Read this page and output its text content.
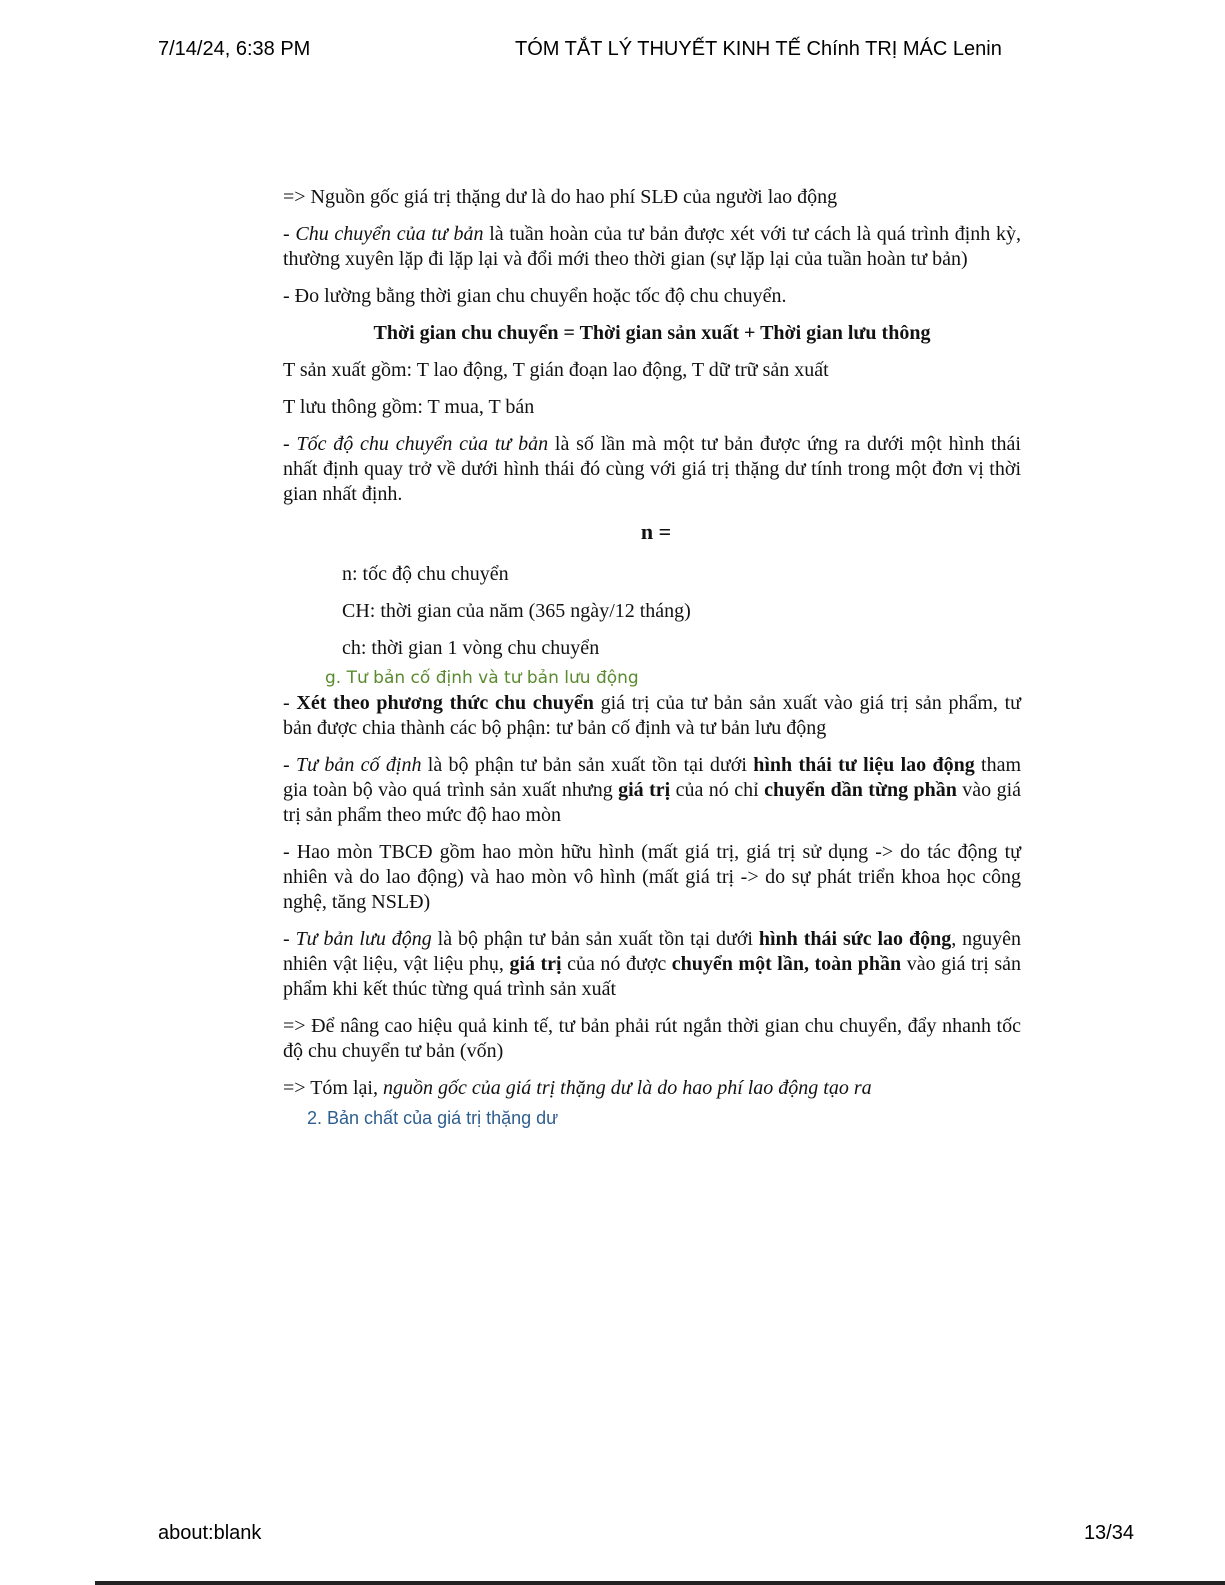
7/14/24, 6:38 PM	TÓM TẮT LÝ THUYẾT KINH TẾ Chính TRỊ MÁC Lenin

=> Nguồn gốc giá trị thặng dư là do hao phí SLĐ của người lao động

- Chu chuyển của tư bản là tuần hoàn của tư bản được xét với tư cách là quá trình định kỳ, thường xuyên lặp đi lặp lại và đổi mới theo thời gian (sự lặp lại của tuần hoàn tư bản)

- Đo lường bằng thời gian chu chuyển hoặc tốc độ chu chuyển.

Thời gian chu chuyển = Thời gian sản xuất + Thời gian lưu thông

T sản xuất gồm: T lao động, T gián đoạn lao động, T dữ trữ sản xuất

T lưu thông gồm: T mua, T bán

- Tốc độ chu chuyển của tư bản là số lần mà một tư bản được ứng ra dưới một hình thái nhất định quay trở về dưới hình thái đó cùng với giá trị thặng dư tính trong một đơn vị thời gian nhất định.

n =

n: tốc độ chu chuyển

CH: thời gian của năm (365 ngày/12 tháng)

ch: thời gian 1 vòng chu chuyển

g. Tư bản cố định và tư bản lưu động

- Xét theo phương thức chu chuyển giá trị của tư bản sản xuất vào giá trị sản phẩm, tư bản được chia thành các bộ phận: tư bản cố định và tư bản lưu động

- Tư bản cố định là bộ phận tư bản sản xuất tồn tại dưới hình thái tư liệu lao động tham gia toàn bộ vào quá trình sản xuất nhưng giá trị của nó chỉ chuyển dần từng phần vào giá trị sản phẩm theo mức độ hao mòn

- Hao mòn TBCĐ gồm hao mòn hữu hình (mất giá trị, giá trị sử dụng -> do tác động tự nhiên và do lao động) và hao mòn vô hình (mất giá trị -> do sự phát triển khoa học công nghệ, tăng NSLĐ)

- Tư bản lưu động là bộ phận tư bản sản xuất tồn tại dưới hình thái sức lao động, nguyên nhiên vật liệu, vật liệu phụ, giá trị của nó được chuyển một lần, toàn phần vào giá trị sản phẩm khi kết thúc từng quá trình sản xuất

=> Để nâng cao hiệu quả kinh tế, tư bản phải rút ngắn thời gian chu chuyển, đẩy nhanh tốc độ chu chuyển tư bản (vốn)

=> Tóm lại, nguồn gốc của giá trị thặng dư là do hao phí lao động tạo ra

2. Bản chất của giá trị thặng dư
about:blank	13/34
